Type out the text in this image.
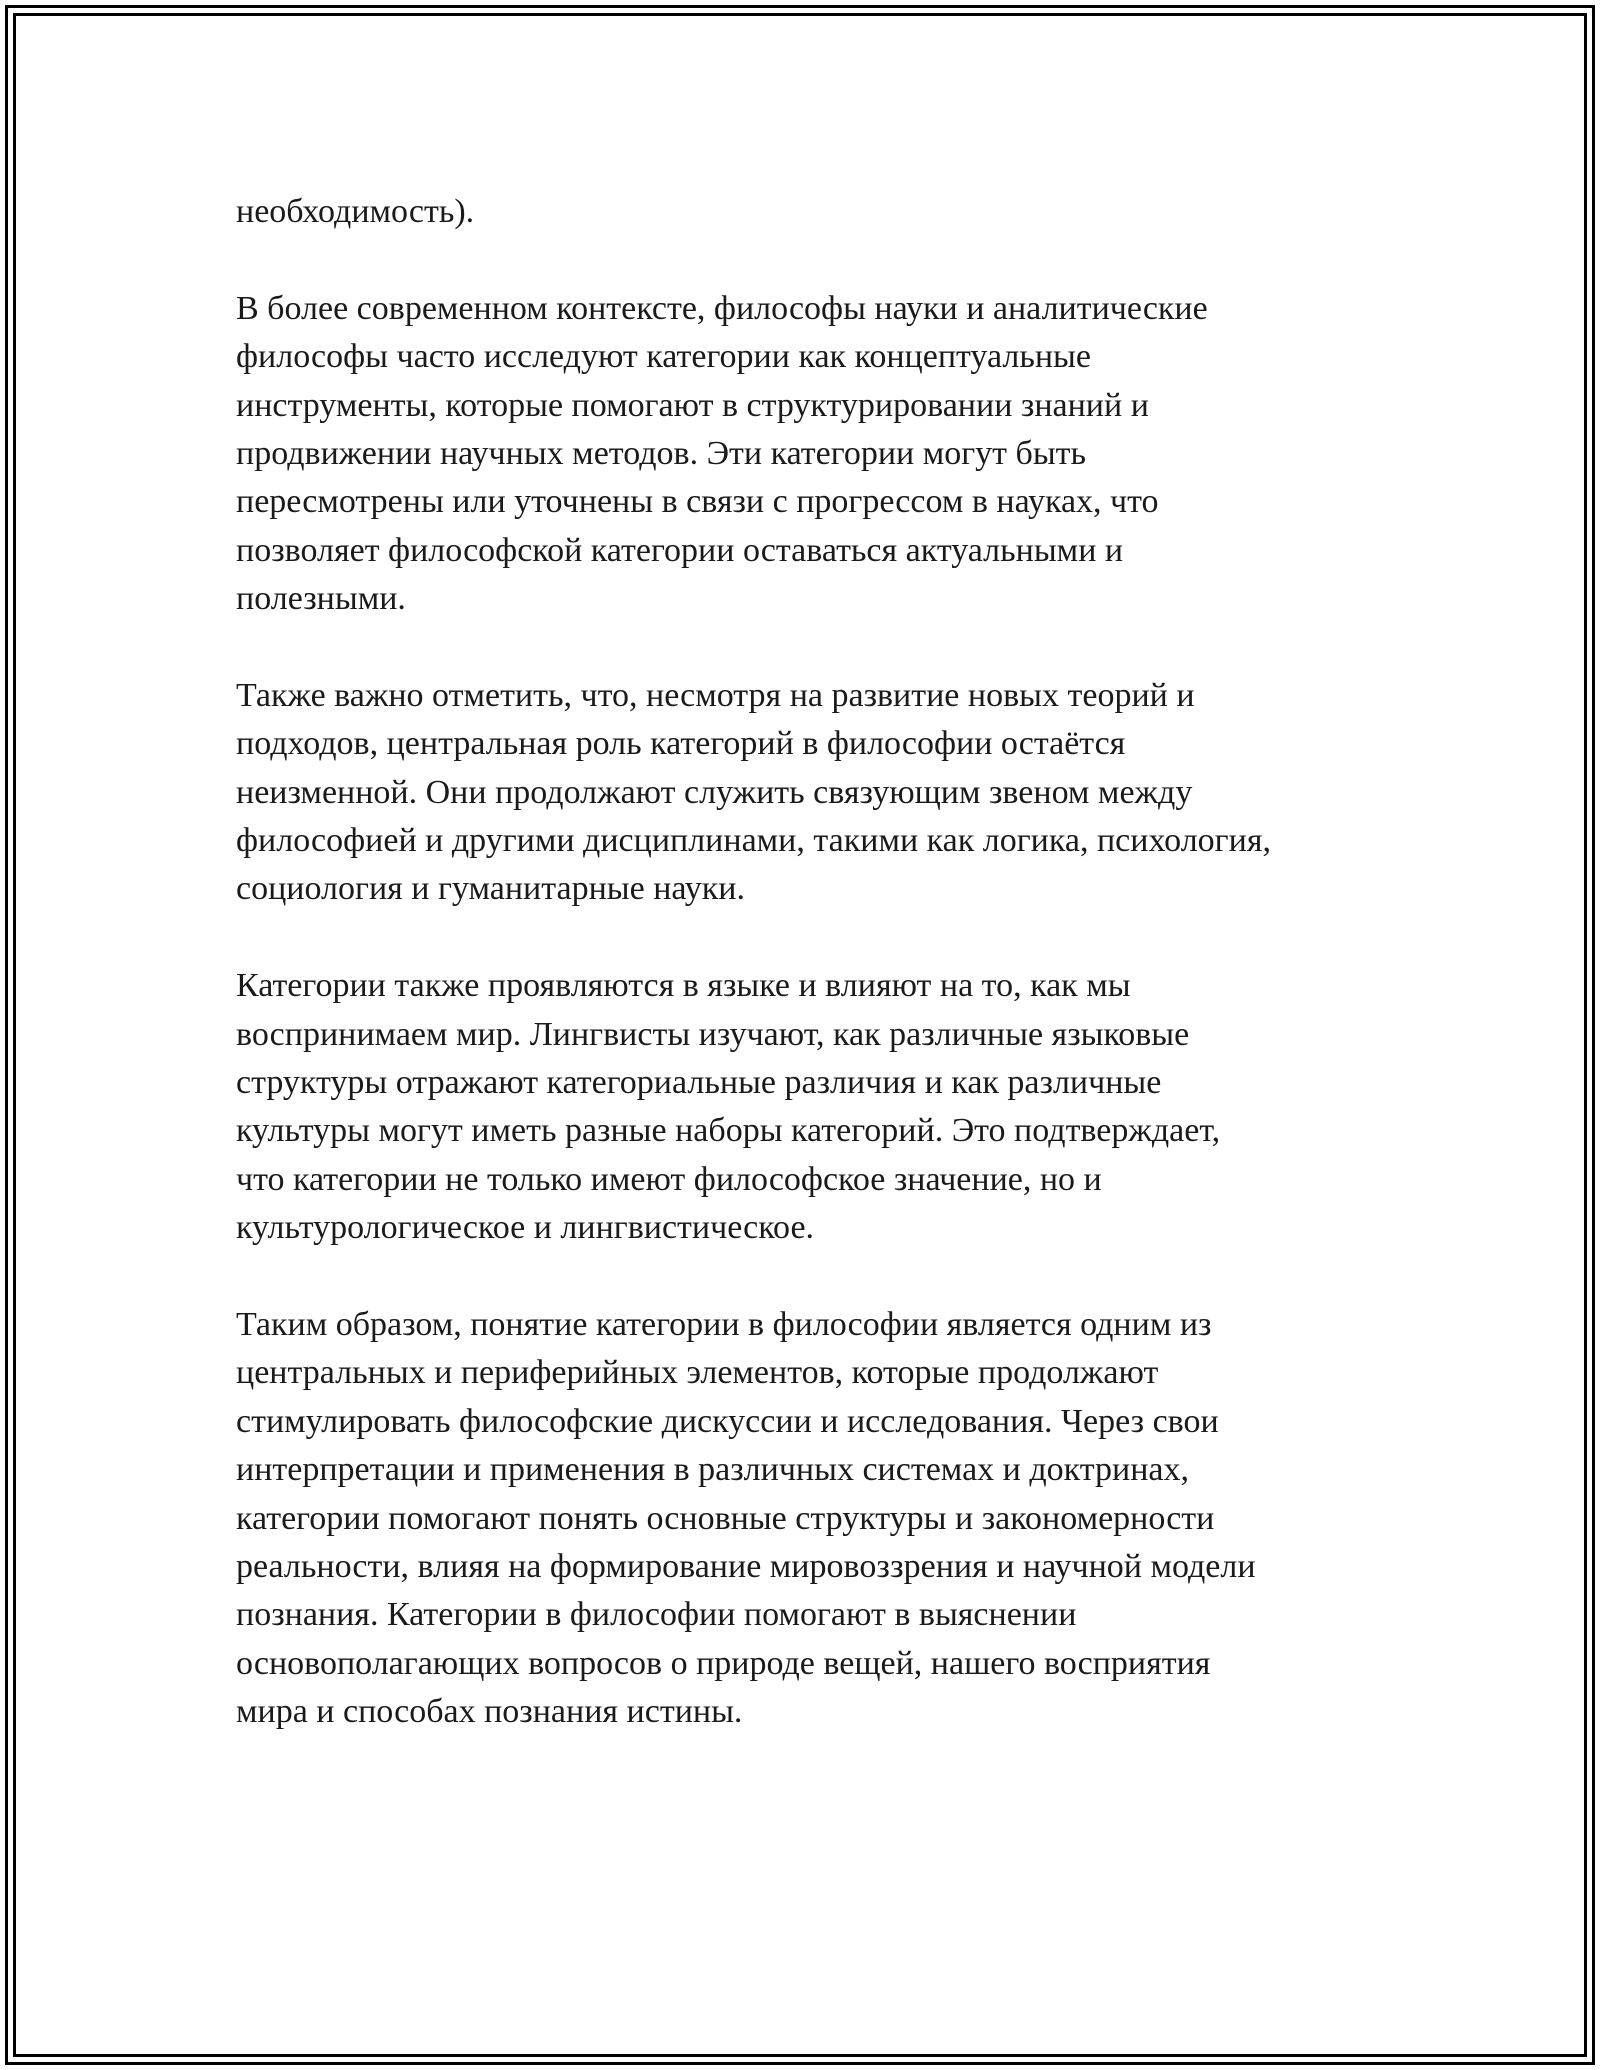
необходимость).

В более современном контексте, философы науки и аналитические
философы часто исследуют категории как концептуальные
инструменты, которые помогают в структурировании знаний и
продвижении научных методов. Эти категории могут быть
пересмотрены или уточнены в связи с прогрессом в науках, что
позволяет философской категории оставаться актуальными и
полезными.

Также важно отметить, что, несмотря на развитие новых теорий и
подходов, центральная роль категорий в философии остаётся
неизменной. Они продолжают служить связующим звеном между
философией и другими дисциплинами, такими как логика, психология,
социология и гуманитарные науки.

Категории также проявляются в языке и влияют на то, как мы
воспринимаем мир. Лингвисты изучают, как различные языковые
структуры отражают категориальные различия и как различные
культуры могут иметь разные наборы категорий. Это подтверждает,
что категории не только имеют философское значение, но и
культурологическое и лингвистическое.

Таким образом, понятие категории в философии является одним из
центральных и периферийных элементов, которые продолжают
стимулировать философские дискуссии и исследования. Через свои
интерпретации и применения в различных системах и доктринах,
категории помогают понять основные структуры и закономерности
реальности, влияя на формирование мировоззрения и научной модели
познания. Категории в философии помогают в выяснении
основополагающих вопросов о природе вещей, нашего восприятия
мира и способах познания истины.
